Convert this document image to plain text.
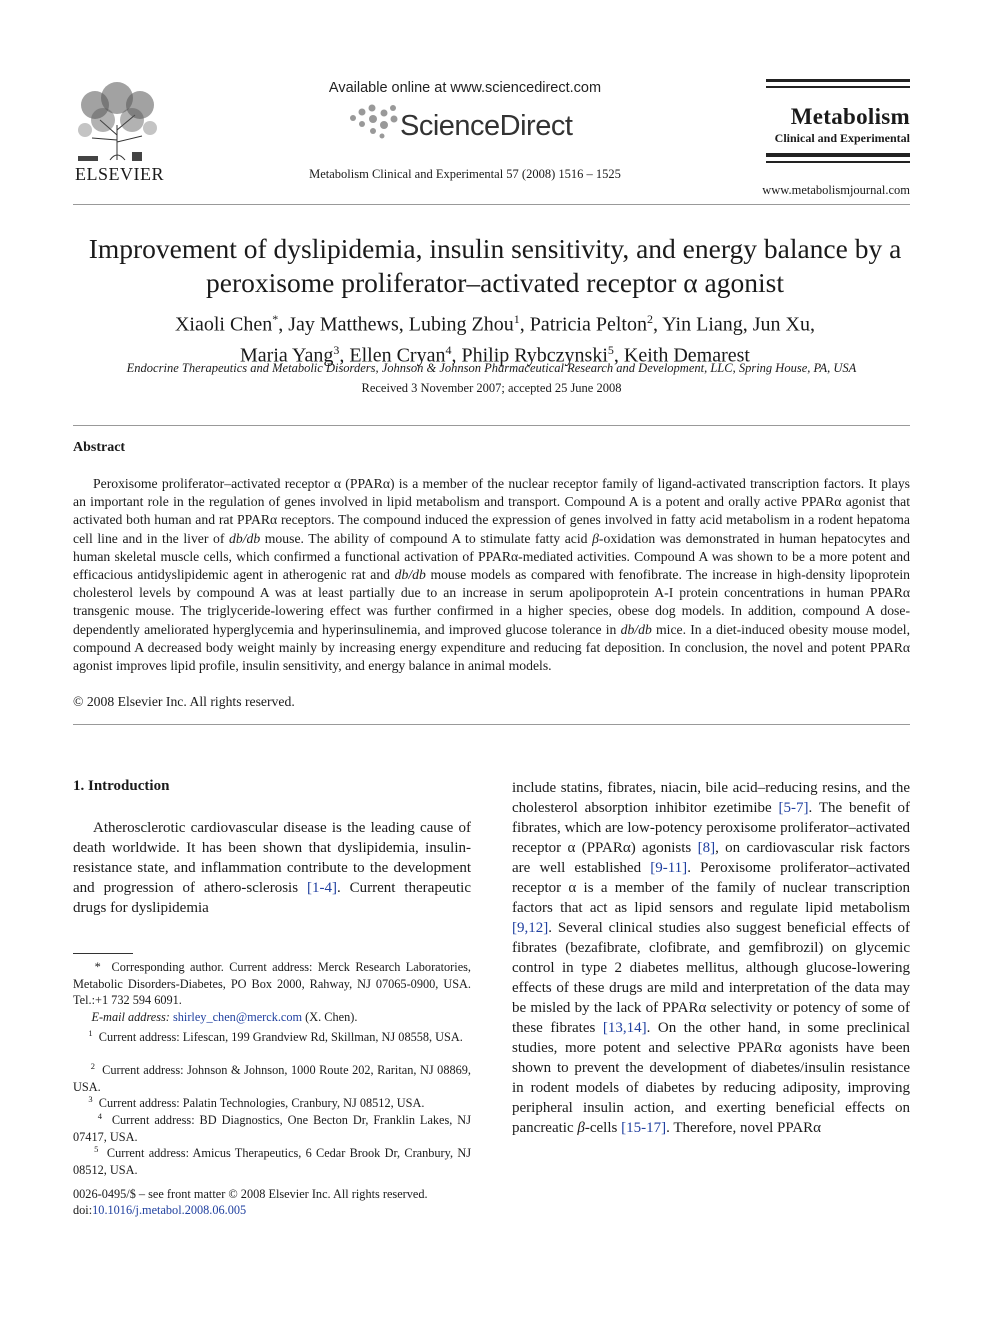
ELSEVIER
Available online at www.sciencedirect.com
ScienceDirect
Metabolism Clinical and Experimental 57 (2008) 1516 – 1525
Metabolism
Clinical and Experimental
www.metabolismjournal.com
Improvement of dyslipidemia, insulin sensitivity, and energy balance by a
peroxisome proliferator–activated receptor α agonist
Xiaoli Chen*, Jay Matthews, Lubing Zhou$^1$, Patricia Pelton$^2$, Yin Liang, Jun Xu,
Maria Yang$^3$, Ellen Cryan$^4$, Philip Rybczynski$^5$, Keith Demarest
Endocrine Therapeutics and Metabolic Disorders, Johnson & Johnson Pharmaceutical Research and Development, LLC, Spring House, PA, USA
Received 3 November 2007; accepted 25 June 2008
Abstract
Peroxisome proliferator–activated receptor α (PPARα) is a member of the nuclear receptor family of ligand-activated transcription factors. It plays an important role in the regulation of genes involved in lipid metabolism and transport. Compound A is a potent and orally active PPARα agonist that activated both human and rat PPARα receptors. The compound induced the expression of genes involved in fatty acid metabolism in a rodent hepatoma cell line and in the liver of db/db mouse. The ability of compound A to stimulate fatty acid β-oxidation was demonstrated in human hepatocytes and human skeletal muscle cells, which confirmed a functional activation of PPARα-mediated activities. Compound A was shown to be a more potent and efficacious antidyslipidemic agent in atherogenic rat and db/db mouse models as compared with fenofibrate. The increase in high-density lipoprotein cholesterol levels by compound A was at least partially due to an increase in serum apolipoprotein A-I protein concentrations in human PPARα transgenic mouse. The triglyceride-lowering effect was further confirmed in a higher species, obese dog models. In addition, compound A dose-dependently ameliorated hyperglycemia and hyperinsulinemia, and improved glucose tolerance in db/db mice. In a diet-induced obesity mouse model, compound A decreased body weight mainly by increasing energy expenditure and reducing fat deposition. In conclusion, the novel and potent PPARα agonist improves lipid profile, insulin sensitivity, and energy balance in animal models.
© 2008 Elsevier Inc. All rights reserved.
1. Introduction
Atherosclerotic cardiovascular disease is the leading cause of death worldwide. It has been shown that dyslipidemia, insulin-resistance state, and inflammation contribute to the development and progression of athero-sclerosis [1-4]. Current therapeutic drugs for dyslipidemia
include statins, fibrates, niacin, bile acid–reducing resins, and the cholesterol absorption inhibitor ezetimibe [5-7]. The benefit of fibrates, which are low-potency peroxisome proliferator–activated receptor α (PPARα) agonists [8], on cardiovascular risk factors are well established [9-11]. Peroxisome proliferator–activated receptor α is a member of the family of nuclear transcription factors that act as lipid sensors and regulate lipid metabolism [9,12]. Several clinical studies also suggest beneficial effects of fibrates (bezafibrate, clofibrate, and gemfibrozil) on glycemic control in type 2 diabetes mellitus, although glucose-lowering effects of these drugs are mild and interpretation of the data may be misled by the lack of PPARα selectivity or potency of some of these fibrates [13,14]. On the other hand, in some preclinical studies, more potent and selective PPARα agonists have been shown to prevent the development of diabetes/insulin resistance in rodent models of diabetes by reducing adiposity, improving peripheral insulin action, and exerting beneficial effects on pancreatic β-cells [15-17]. Therefore, novel PPARα
* Corresponding author. Current address: Merck Research Laboratories, Metabolic Disorders-Diabetes, PO Box 2000, Rahway, NJ 07065-0900, USA. Tel.:+1 732 594 6091.
E-mail address: shirley_chen@merck.com (X. Chen).
$^1$ Current address: Lifescan, 199 Grandview Rd, Skillman, NJ 08558, USA.
$^2$ Current address: Johnson & Johnson, 1000 Route 202, Raritan, NJ 08869, USA.
$^3$ Current address: Palatin Technologies, Cranbury, NJ 08512, USA.
$^4$ Current address: BD Diagnostics, One Becton Dr, Franklin Lakes, NJ 07417, USA.
$^5$ Current address: Amicus Therapeutics, 6 Cedar Brook Dr, Cranbury, NJ 08512, USA.
0026-0495/$ – see front matter © 2008 Elsevier Inc. All rights reserved.
doi:10.1016/j.metabol.2008.06.005
